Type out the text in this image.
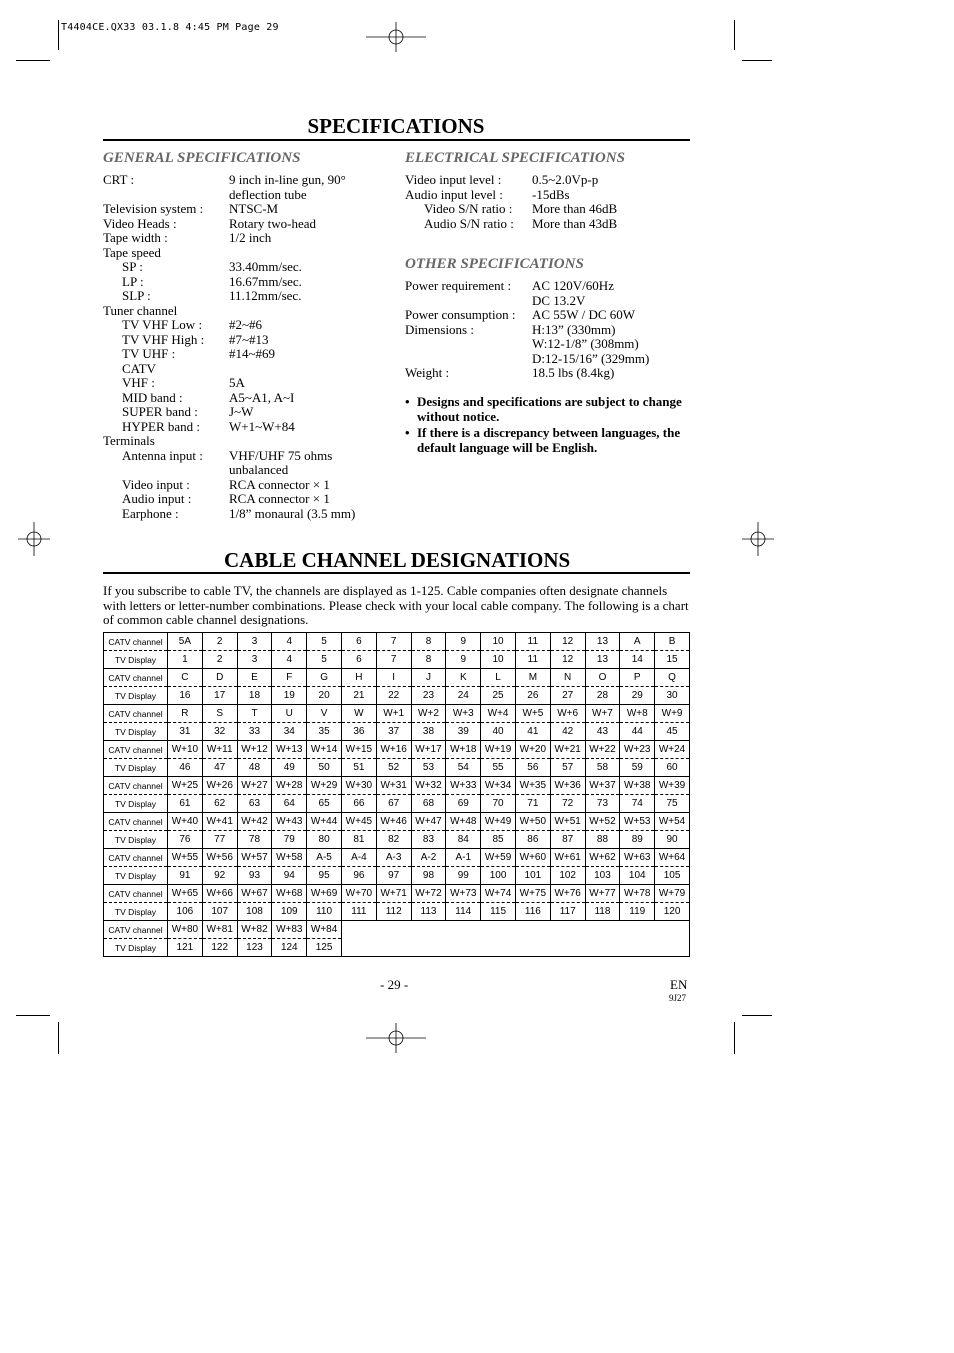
T4404CE.QX33 03.1.8 4:45 PM Page 29
SPECIFICATIONS
GENERAL SPECIFICATIONS
CRT :	9 inch in-line gun, 90°
deflection tube
Television system : NTSC-M
Video Heads :	Rotary two-head
Tape width :	1/2 inch
Tape speed
SP :	33.40mm/sec.
LP :	16.67mm/sec.
SLP :	11.12mm/sec.
Tuner channel
TV VHF Low : #2~#6
TV VHF High : #7~#13
TV UHF :	#14~#69
CATV
VHF :	5A
MID band :	A5~A1, A~I
SUPER band : J~W
HYPER band : W+1~W+84
Terminals
Antenna input : VHF/UHF 75 ohms
unbalanced
Video input :	RCA connector × 1
Audio input :	RCA connector × 1
Earphone :	1/8” monaural (3.5 mm)
ELECTRICAL SPECIFICATIONS
Video input level : 0.5~2.0Vp-p
Audio input level : -15dBs
Video S/N ratio : More than 46dB
Audio S/N ratio : More than 43dB
OTHER SPECIFICATIONS
Power requirement : AC 120V/60Hz
DC 13.2V
Power consumption : AC 55W / DC 60W
Dimensions :	H:13” (330mm)
W:12-1/8” (308mm)
D:12-15/16” (329mm)
Weight :	18.5 lbs (8.4kg)
• Designs and specifications are subject to change without notice.
• If there is a discrepancy between languages, the default language will be English.
CABLE CHANNEL DESIGNATIONS
If you subscribe to cable TV, the channels are displayed as 1-125. Cable companies often designate channels with letters or letter-number combinations. Please check with your local cable company. The following is a chart of common cable channel designations.
CATV channel	5A	2	3	4	5	6	7	8	9	10	11	12	13	A	B
TV Display	1	2	3	4	5	6	7	8	9	10	11	12	13	14	15
CATV channel	C	D	E	F	G	H	I	J	K	L	M	N	O	P	Q
TV Display	16	17	18	19	20	21	22	23	24	25	26	27	28	29	30
CATV channel	R	S	T	U	V	W	W+1	W+2	W+3	W+4	W+5	W+6	W+7	W+8	W+9
TV Display	31	32	33	34	35	36	37	38	39	40	41	42	43	44	45
CATV channel	W+10	W+11	W+12	W+13	W+14	W+15	W+16	W+17	W+18	W+19	W+20	W+21	W+22	W+23	W+24
TV Display	46	47	48	49	50	51	52	53	54	55	56	57	58	59	60
CATV channel	W+25	W+26	W+27	W+28	W+29	W+30	W+31	W+32	W+33	W+34	W+35	W+36	W+37	W+38	W+39
TV Display	61	62	63	64	65	66	67	68	69	70	71	72	73	74	75
CATV channel	W+40	W+41	W+42	W+43	W+44	W+45	W+46	W+47	W+48	W+49	W+50	W+51	W+52	W+53	W+54
TV Display	76	77	78	79	80	81	82	83	84	85	86	87	88	89	90
CATV channel	W+55	W+56	W+57	W+58	A-5	A-4	A-3	A-2	A-1	W+59	W+60	W+61	W+62	W+63	W+64
TV Display	91	92	93	94	95	96	97	98	99	100	101	102	103	104	105
CATV channel	W+65	W+66	W+67	W+68	W+69	W+70	W+71	W+72	W+73	W+74	W+75	W+76	W+77	W+78	W+79
TV Display	106	107	108	109	110	111	112	113	114	115	116	117	118	119	120
CATV channel	W+80	W+81	W+82	W+83	W+84										
TV Display	121	122	123	124	125										
- 29 -	EN
9J27
